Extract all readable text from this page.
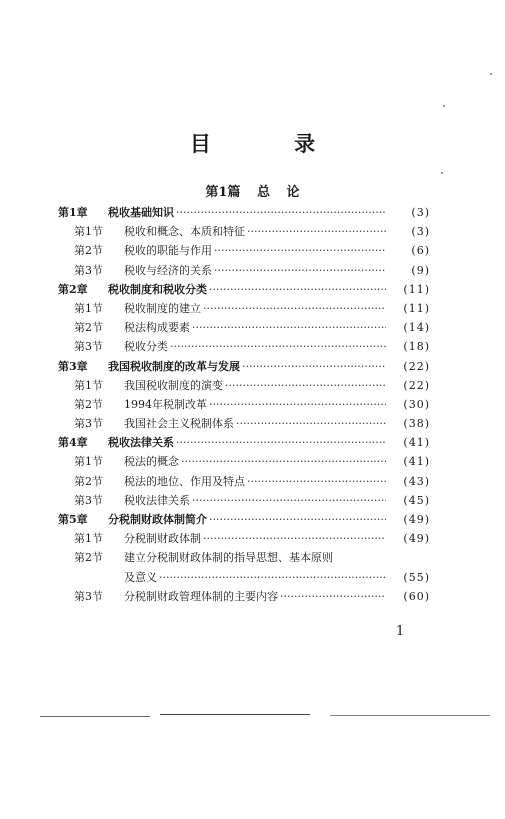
目 录
第1篇 总 论
第1章	税收基础知识 ·····	(3)
第1节	税收和概念、本质和特征 ·····	(3)
第2节	税收的职能与作用 ·····	(6)
第3节	税收与经济的关系 ·····	(9)
第2章	税收制度和税收分类 ·····	(11)
第1节	税收制度的建立 ·····	(11)
第2节	税法构成要素 ·····	(14)
第3节	税收分类 ·····	(18)
第3章	我国税收制度的改革与发展 ·····	(22)
第1节	我国税收制度的演变 ·····	(22)
第2节	1994年税制改革 ·····	(30)
第3节	我国社会主义税制体系 ·····	(38)
第4章	税收法律关系 ·····	(41)
第1节	税法的概念 ·····	(41)
第2节	税法的地位、作用及特点 ·····	(43)
第3节	税收法律关系 ·····	(45)
第5章	分税制财政体制简介 ·····	(49)
第1节	分税制财政体制 ·····	(49)
第2节	建立分税制财政体制的指导思想、基本原则
及意义 ·····	(55)
第3节	分税制财政管理体制的主要内容 ·····	(60)
1
